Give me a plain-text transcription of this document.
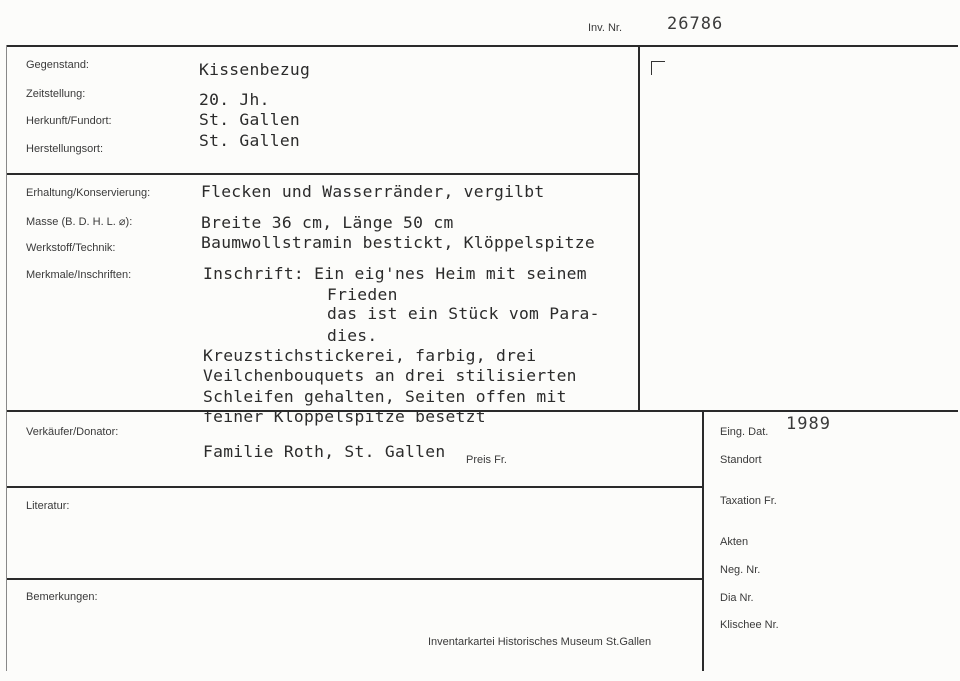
Inv. Nr.	26786
Gegenstand:
Zeitstellung:
Herkunft/Fundort:
Herstellungsort:
Kissenbezug
20. Jh.
St. Gallen
St. Gallen
Erhaltung/Konservierung:
Masse (B. D. H. L. ⌀):
Werkstoff/Technik:
Merkmale/Inschriften:
Flecken und Wasserränder, vergilbt
Breite 36 cm, Länge 50 cm
Baumwollstramin bestickt, Klöppelspitze
Inschrift: Ein eig'nes Heim mit seinem
Frieden
das ist ein Stück vom Para-
dies.
Kreuzstichstickerei, farbig, drei
Veilchenbouquets an drei stilisierten
Schleifen gehalten, Seiten offen mit
feiner Klöppelspitze besetzt
Verkäufer/Donator:
Familie Roth, St. Gallen Preis Fr.
Eing. Dat. 1989
Standort
Taxation Fr.
Literatur:
Akten
Neg. Nr.
Bemerkungen:	Dia Nr.
Klischee Nr.
Inventarkartei Historisches Museum St.Gallen
